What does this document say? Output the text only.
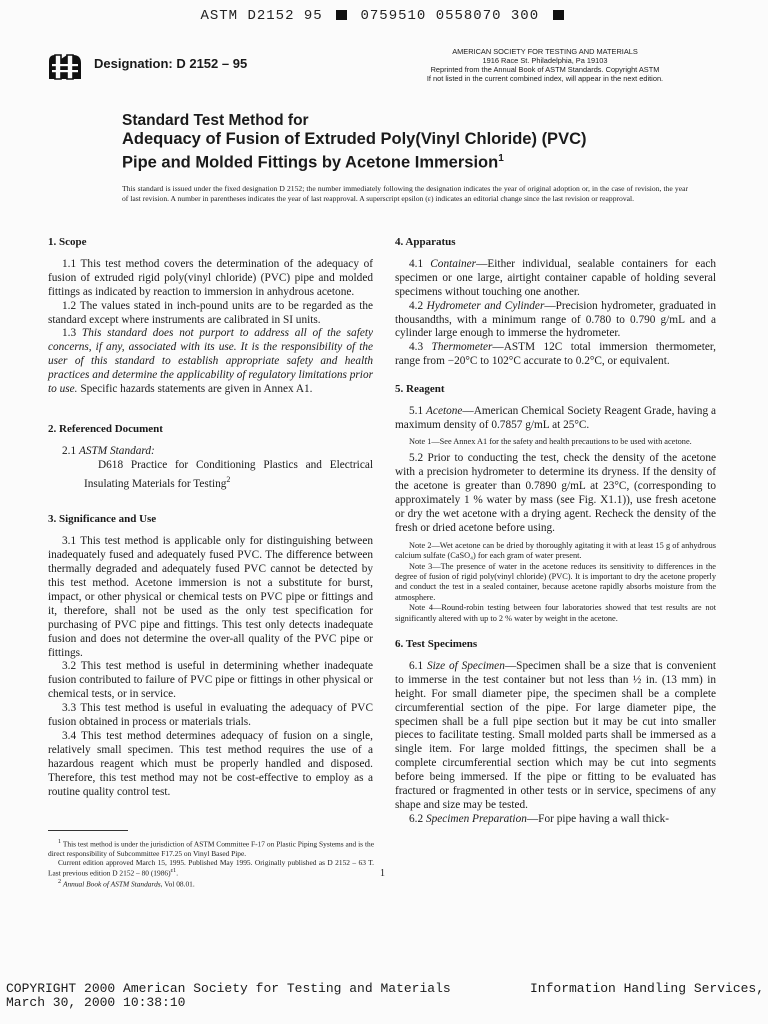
ASTM D2152 95	0759510 0558070 300
Designation: D 2152 – 95
AMERICAN SOCIETY FOR TESTING AND MATERIALS
1916 Race St. Philadelphia, Pa 19103
Reprinted from the Annual Book of ASTM Standards. Copyright ASTM
If not listed in the current combined index, will appear in the next edition.
Standard Test Method for
Adequacy of Fusion of Extruded Poly(Vinyl Chloride) (PVC)
Pipe and Molded Fittings by Acetone Immersion$^1$
This standard is issued under the fixed designation D 2152; the number immediately following the designation indicates the year of original adoption or, in the case of revision, the year of last revision. A number in parentheses indicates the year of last reapproval. A superscript epsilon (ε) indicates an editorial change since the last revision or reapproval.
1. Scope

1.1 This test method covers the determination of the adequacy of fusion of extruded rigid poly(vinyl chloride) (PVC) pipe and molded fittings as indicated by reaction to immersion in anhydrous acetone.

1.2 The values stated in inch-pound units are to be regarded as the standard except where instruments are calibrated in SI units.

1.3 This standard does not purport to address all of the safety concerns, if any, associated with its use. It is the responsibility of the user of this standard to establish appropriate safety and health practices and determine the applicability of regulatory limitations prior to use. Specific hazards statements are given in Annex A1.

2. Referenced Document

2.1 ASTM Standard:

D618 Practice for Conditioning Plastics and Electrical Insulating Materials for Testing$^2$

3. Significance and Use

3.1 This test method is applicable only for distinguishing between inadequately fused and adequately fused PVC. The difference between thermally degraded and adequately fused PVC cannot be detected by this test method. Acetone immersion is not a substitute for burst, impact, or other physical or chemical tests on PVC pipe or fittings and it, therefore, shall not be used as the only test specification for purchasing of PVC pipe and fittings. This test only detects inadequate fusion and does not determine the over-all quality of the PVC pipe or fittings.

3.2 This test method is useful in determining whether inadequate fusion contributed to failure of PVC pipe or fittings in other physical or chemical tests, or in service.

3.3 This test method is useful in evaluating the adequacy of PVC fusion obtained in process or materials trials.

3.4 This test method determines adequacy of fusion on a single, relatively small specimen. This test method requires the use of a hazardous reagent which must be properly handled and disposed. Therefore, this test method may not be cost-effective to employ as a routine quality control test.

$^1$ This test method is under the jurisdiction of ASTM Committee F-17 on Plastic Piping Systems and is the direct responsibility of Subcommittee F17.25 on Vinyl Based Pipe.

Current edition approved March 15, 1995. Published May 1995. Originally published as D 2152 – 63 T. Last previous edition D 2152 – 80 $(1986)^{\varepsilon 1}$.

$^2$ Annual Book of ASTM Standards, Vol 08.01.

4. Apparatus

4.1 Container—Either individual, sealable containers for each specimen or one large, airtight container capable of holding several specimens without touching one another.

4.2 Hydrometer and Cylinder—Precision hydrometer, graduated in thousandths, with a minimum range of 0.780 to 0.790 g/mL and a cylinder large enough to immerse the hydrometer.

4.3 Thermometer—ASTM 12C total immersion thermometer, range from −20°C to 102°C accurate to 0.2°C, or equivalent.

5. Reagent

5.1 Acetone—American Chemical Society Reagent Grade, having a maximum density of 0.7857 g/mL at 25°C.

Note 1—See Annex A1 for the safety and health precautions to be used with acetone.

5.2 Prior to conducting the test, check the density of the acetone with a precision hydrometer to determine its dryness. If the density of the acetone is greater than 0.7890 g/mL at 23°C, (corresponding to approximately 1 % water by mass (see Fig. X1.1)), use fresh acetone or dry the wet acetone with a drying agent. Recheck the density of the fresh or dried acetone before using.

Note 2—Wet acetone can be dried by thoroughly agitating it with at least 15 g of anhydrous calcium sulfate (CaSO₄) for each gram of water present.

Note 3—The presence of water in the acetone reduces its sensitivity to differences in the degree of fusion of rigid poly(vinyl chloride) (PVC). It is important to dry the acetone properly and conduct the test in a sealed container, because acetone rapidly absorbs moisture from the atmosphere.

Note 4—Round-robin testing between four laboratories showed that test results are not significantly altered with up to 2 % water by weight in the acetone.

6. Test Specimens

6.1 Size of Specimen—Specimen shall be a size that is convenient to immerse in the test container but not less than ½ in. (13 mm) in height. For small diameter pipe, the specimen shall be a complete circumferential section of the pipe. For large diameter pipe, the specimen shall be a full pipe section but it may be cut into smaller pieces to facilitate testing. Small molded parts shall be immersed as a single item. For large molded fittings, the specimen shall be a complete circumferential section which may be cut into segments before being immersed. If the pipe or fitting to be evaluated has fractured or fragmented in other tests or in service, specimens of any shape and size may be tested.

6.2 Specimen Preparation—For pipe having a wall thick-

1
COPYRIGHT 2000 American Society for Testing and Materials
March 30, 2000 10:38:10
Information Handling Services,
